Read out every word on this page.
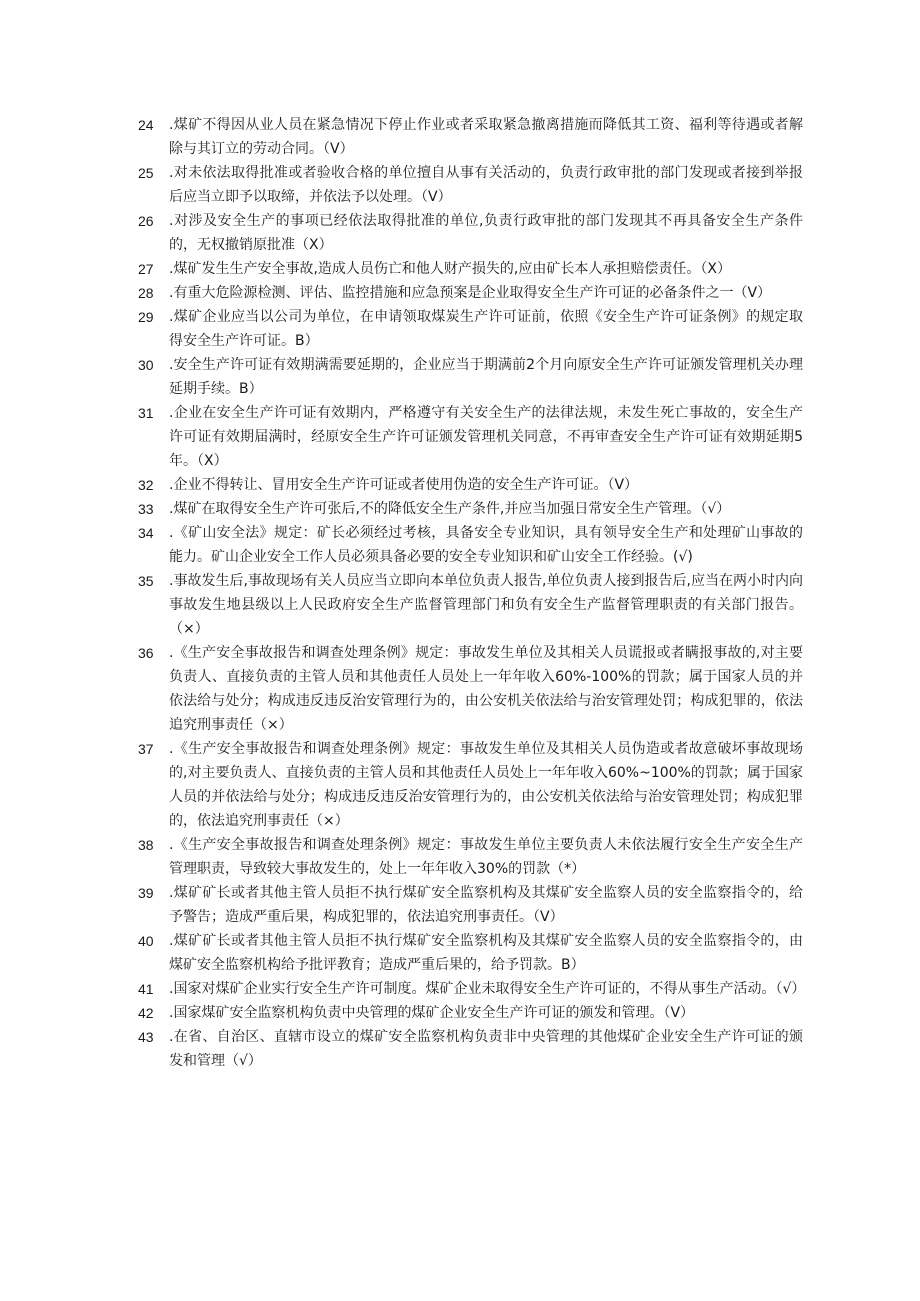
24	.煤矿不得因从业人员在紧急情况下停止作业或者采取紧急撤离措施而降低其工资、福利等待遇或者解除与其订立的劳动合同。（V）
25	.对未依法取得批准或者验收合格的单位擅自从事有关活动的，负责行政审批的部门发现或者接到举报后应当立即予以取缔，并依法予以处理。（V）
26	.对涉及安全生产的事项已经依法取得批准的单位,负责行政审批的部门发现其不再具备安全生产条件的，无权撤销原批准（X）
27	.煤矿发生生产安全事故,造成人员伤亡和他人财产损失的,应由矿长本人承担赔偿责任。（X）
28	.有重大危险源检测、评估、监控措施和应急预案是企业取得安全生产许可证的必备条件之一（V）
29	.煤矿企业应当以公司为单位，在申请领取煤炭生产许可证前，依照《安全生产许可证条例》的规定取得安全生产许可证。B）
30	.安全生产许可证有效期满需要延期的，企业应当于期满前2个月向原安全生产许可证颁发管理机关办理延期手续。B）
31	.企业在安全生产许可证有效期内，严格遵守有关安全生产的法律法规，未发生死亡事故的，安全生产许可证有效期届满时，经原安全生产许可证颁发管理机关同意，不再审查安全生产许可证有效期延期5年。（X）
32	.企业不得转让、冒用安全生产许可证或者使用伪造的安全生产许可证。（V）
33	.煤矿在取得安全生产许可张后,不的降低安全生产条件,并应当加强日常安全生产管理。（√）
34	.《矿山安全法》规定：矿长必须经过考核，具备安全专业知识，具有领导安全生产和处理矿山事故的能力。矿山企业安全工作人员必须具备必要的安全专业知识和矿山安全工作经验。(√)
35	.事故发生后,事故现场有关人员应当立即向本单位负责人报告,单位负责人接到报告后,应当在两小时内向事故发生地县级以上人民政府安全生产监督管理部门和负有安全生产监督管理职责的有关部门报告。（×）
36	.《生产安全事故报告和调查处理条例》规定：事故发生单位及其相关人员谎报或者瞒报事故的,对主要负责人、直接负责的主管人员和其他责任人员处上一年年收入60%-100%的罚款；属于国家人员的并依法给与处分；构成违反违反治安管理行为的，由公安机关依法给与治安管理处罚；构成犯罪的，依法追究刑事责任（×）
37	.《生产安全事故报告和调查处理条例》规定：事故发生单位及其相关人员伪造或者故意破坏事故现场的,对主要负责人、直接负责的主管人员和其他责任人员处上一年年收入60%~100%的罚款；属于国家人员的并依法给与处分；构成违反违反治安管理行为的，由公安机关依法给与治安管理处罚；构成犯罪的，依法追究刑事责任（×）
38	.《生产安全事故报告和调查处理条例》规定：事故发生单位主要负责人未依法履行安全生产安全生产管理职责，导致较大事故发生的，处上一年年收入30%的罚款（*）
39	.煤矿矿长或者其他主管人员拒不执行煤矿安全监察机构及其煤矿安全监察人员的安全监察指令的，给予警告；造成严重后果，构成犯罪的，依法追究刑事责任。（V）
40	.煤矿矿长或者其他主管人员拒不执行煤矿安全监察机构及其煤矿安全监察人员的安全监察指令的，由煤矿安全监察机构给予批评教育；造成严重后果的，给予罚款。B）
41	.国家对煤矿企业实行安全生产许可制度。煤矿企业未取得安全生产许可证的，不得从事生产活动。（√）
42	.国家煤矿安全监察机构负责中央管理的煤矿企业安全生产许可证的颁发和管理。（V）
43	.在省、自治区、直辖市设立的煤矿安全监察机构负责非中央管理的其他煤矿企业安全生产许可证的颁发和管理（√）
